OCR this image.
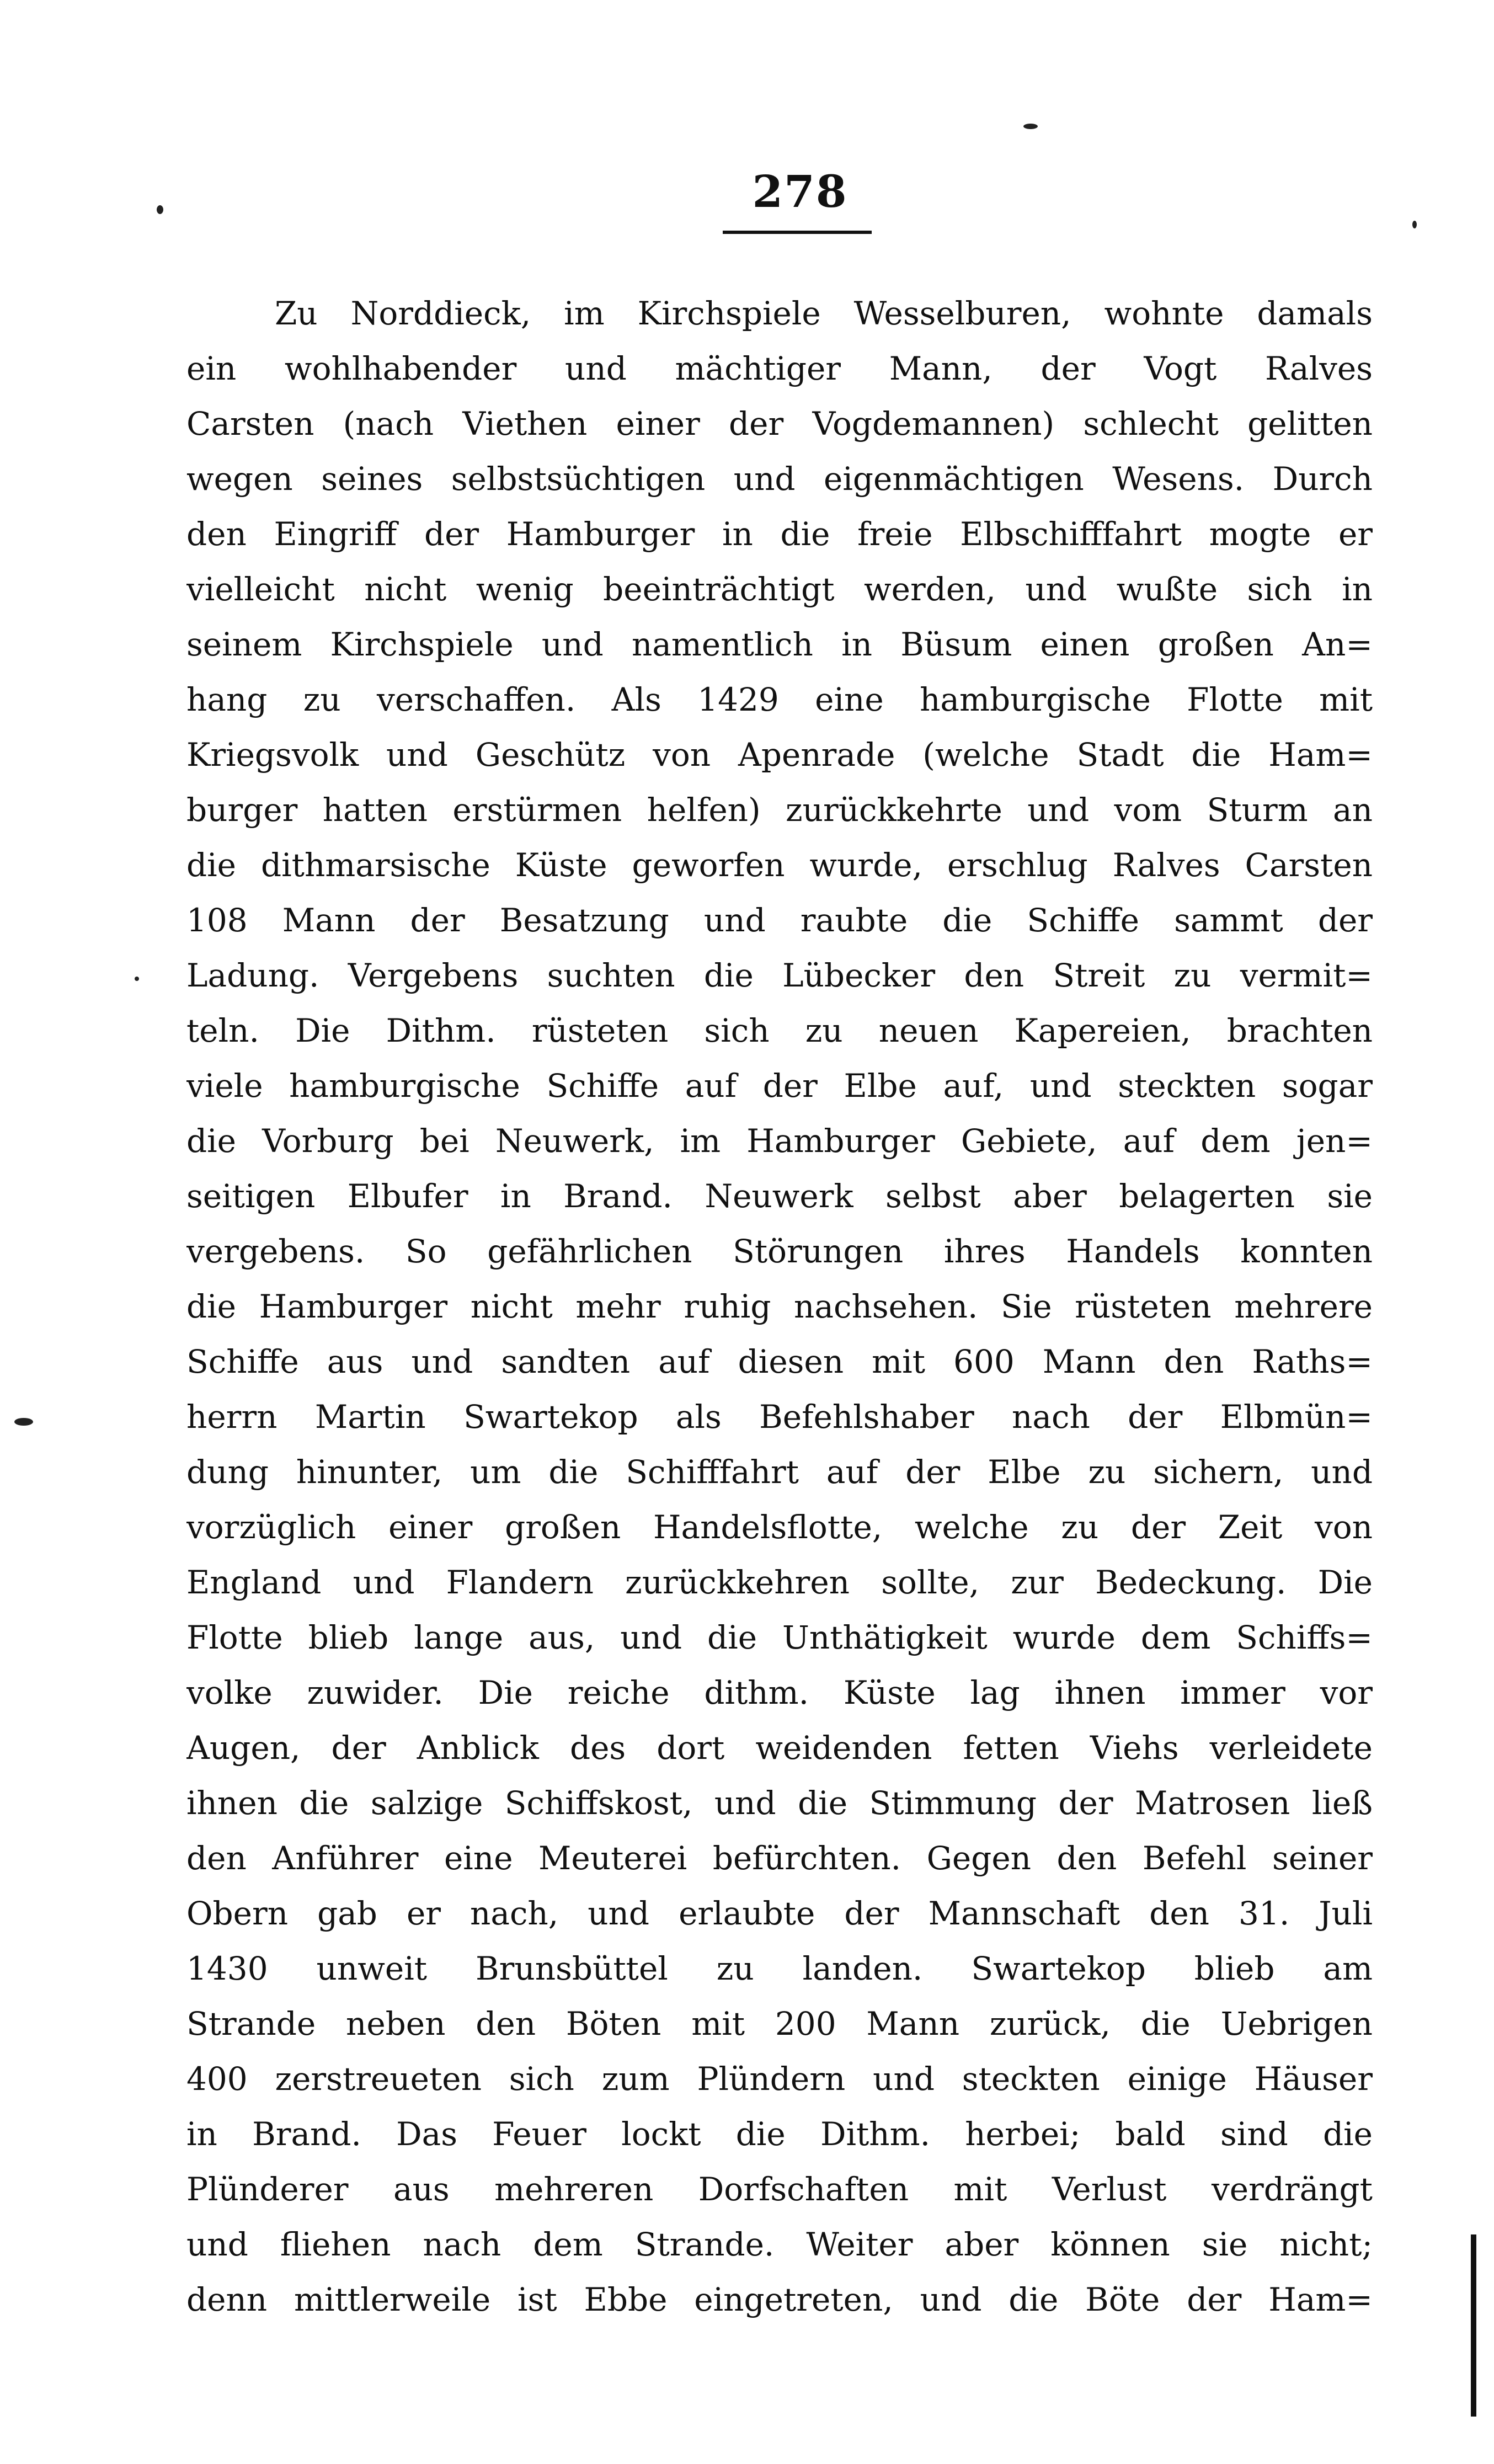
278
Zu Norddieck, im Kirchspiele Wesselburen, wohnte damals
ein wohlhabender und mächtiger Mann, der Vogt Ralves
Carsten (nach Viethen einer der Vogdemannen) schlecht gelitten
wegen seines selbstsüchtigen und eigenmächtigen Wesens. Durch
den Eingriff der Hamburger in die freie Elbschifffahrt mogte er
vielleicht nicht wenig beeinträchtigt werden, und wußte sich in
seinem Kirchspiele und namentlich in Büsum einen großen An=
hang zu verschaffen. Als 1429 eine hamburgische Flotte mit
Kriegsvolk und Geschütz von Apenrade (welche Stadt die Ham=
burger hatten erstürmen helfen) zurückkehrte und vom Sturm an
die dithmarsische Küste geworfen wurde, erschlug Ralves Carsten
108 Mann der Besatzung und raubte die Schiffe sammt der
Ladung. Vergebens suchten die Lübecker den Streit zu vermit=
teln. Die Dithm. rüsteten sich zu neuen Kapereien, brachten
viele hamburgische Schiffe auf der Elbe auf, und steckten sogar
die Vorburg bei Neuwerk, im Hamburger Gebiete, auf dem jen=
seitigen Elbufer in Brand. Neuwerk selbst aber belagerten sie
vergebens. So gefährlichen Störungen ihres Handels konnten
die Hamburger nicht mehr ruhig nachsehen. Sie rüsteten mehrere
Schiffe aus und sandten auf diesen mit 600 Mann den Raths=
herrn Martin Swartekop als Befehlshaber nach der Elbmün=
dung hinunter, um die Schifffahrt auf der Elbe zu sichern, und
vorzüglich einer großen Handelsflotte, welche zu der Zeit von
England und Flandern zurückkehren sollte, zur Bedeckung. Die
Flotte blieb lange aus, und die Unthätigkeit wurde dem Schiffs=
volke zuwider. Die reiche dithm. Küste lag ihnen immer vor
Augen, der Anblick des dort weidenden fetten Viehs verleidete
ihnen die salzige Schiffskost, und die Stimmung der Matrosen ließ
den Anführer eine Meuterei befürchten. Gegen den Befehl seiner
Obern gab er nach, und erlaubte der Mannschaft den 31. Juli
1430 unweit Brunsbüttel zu landen. Swartekop blieb am
Strande neben den Böten mit 200 Mann zurück, die Uebrigen
400 zerstreueten sich zum Plündern und steckten einige Häuser
in Brand. Das Feuer lockt die Dithm. herbei; bald sind die
Plünderer aus mehreren Dorfschaften mit Verlust verdrängt
und fliehen nach dem Strande. Weiter aber können sie nicht;
denn mittlerweile ist Ebbe eingetreten, und die Böte der Ham=
